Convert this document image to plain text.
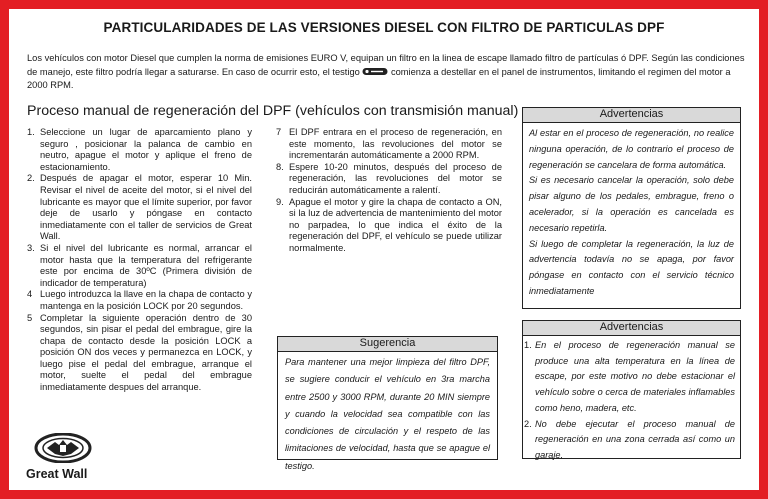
PARTICULARIDADES DE LAS VERSIONES DIESEL CON FILTRO DE PARTICULAS DPF
Los vehículos con motor Diesel que cumplen la norma de emisiones EURO V, equipan un filtro en la linea de escape llamado filtro de partículas ó DPF. Según las condiciones de manejo, este filtro podría llegar a saturarse. En caso de ocurrir esto, el testigo	comienza a destellar en el panel de instrumentos, limitando el regimen del motor a 2000 RPM.
Proceso manual de regeneración del DPF (vehículos con transmisión manual)
1. Seleccione un lugar de aparcamiento plano y seguro , posicionar la palanca de cambio en neutro, apague el motor y aplique el freno de estacionamiento.
2. Después de apagar el motor, esperar 10 Min. Revisar el nivel de aceite del motor, si el nivel del lubricante es mayor que el límite superior, por favor deje de usarlo y póngase en contacto inmediatamente con el taller de servicios de Great Wall.
3. Si el nivel del lubricante es normal, arrancar el motor hasta que la temperatura del refrigerante este por encima de 30ºC (Primera división de indicador de temperatura)
4 Luego introduzca la llave en la chapa de contacto y mantenga en la posición LOCK por 20 segundos.
5 Completar la siguiente operación dentro de 30 segundos, sin pisar el pedal del embrague, gire la chapa de contacto desde la posición LOCK a posición ON dos veces y permanezca en LOCK, y luego pise el pedal del embrague, arranque el motor, suelte el pedal del embrague inmediatamente despues del arranque.
7 El DPF entrara en el proceso de regeneración, en este momento, las revoluciones del motor se incrementarán automáticamente a 2000 RPM.
8. Espere 10-20 minutos, después del proceso de regeneración, las revoluciones del motor se reducirán automáticamente a ralentí.
9. Apague el motor y gire la chapa de contacto a ON, si la luz de advertencia de mantenimiento del motor no parpadea, lo que indica el éxito de la regeneración del DPF, el vehículo se puede utilizar normalmente.
Sugerencia
Para mantener una mejor limpieza del filtro DPF, se sugiere conducir el vehículo en 3ra marcha entre 2500 y 3000 RPM, durante 20 MIN siempre y cuando la velocidad sea compatible con las condiciones de circulación y el respeto de las limitaciones de velocidad, hasta que se apague el testigo.
Advertencias

Al estar en el proceso de regeneración, no realice ninguna operación, de lo contrario el proceso de regeneración se cancelara de forma automática.

Si es necesario cancelar la operación, solo debe pisar alguno de los pedales, embrague, freno o acelerador, si la operación es cancelada es necesario repetirla.

Si luego de completar la regeneración, la luz de advertencia todavía no se apaga, por favor póngase en contacto con el servicio técnico inmediatamente

Advertencias
1. En el proceso de regeneración manual se produce una alta temperatura en la línea de escape, por este motivo no debe estacionar el vehículo sobre o cerca de materiales inflamables como heno, madera, etc.
2. No debe ejecutar el proceso manual de regeneración en una zona cerrada así como un garaje.
Great Wall
